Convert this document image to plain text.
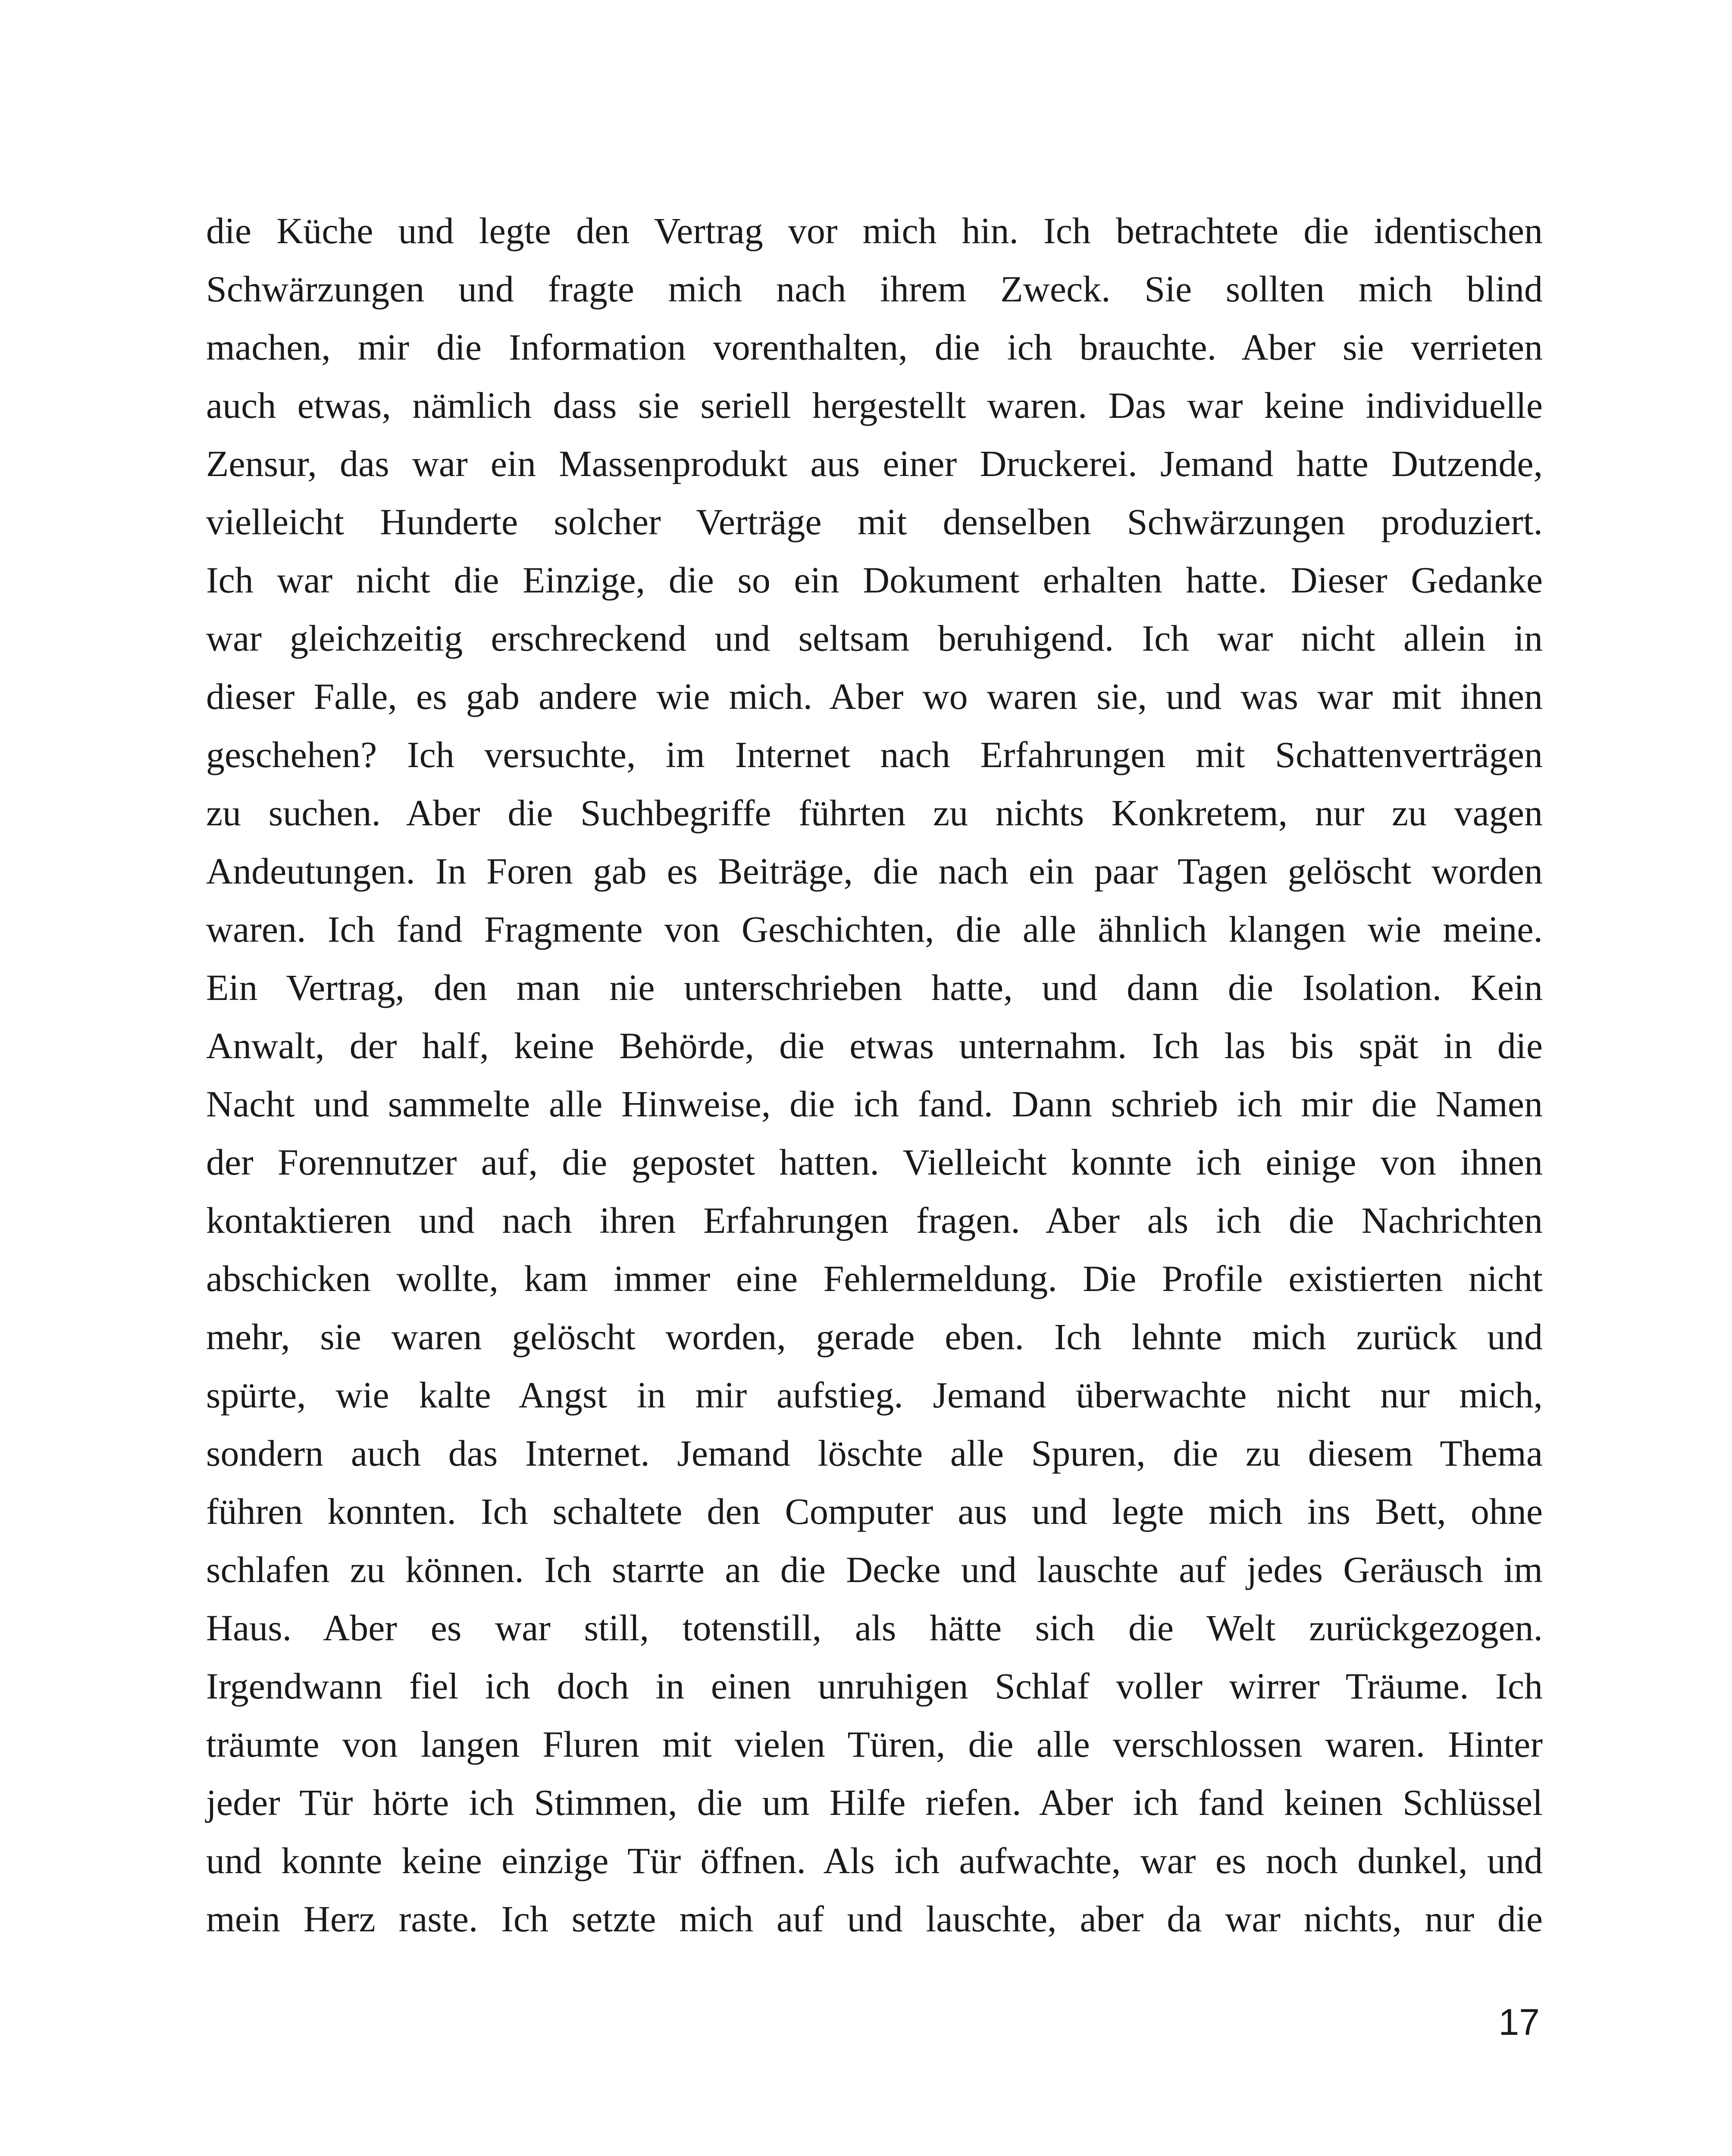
die Küche und legte den Vertrag vor mich hin. Ich betrachtete die identischen
Schwärzungen und fragte mich nach ihrem Zweck. Sie sollten mich blind
machen, mir die Information vorenthalten, die ich brauchte. Aber sie verrieten
auch etwas, nämlich dass sie seriell hergestellt waren. Das war keine individuelle
Zensur, das war ein Massenprodukt aus einer Druckerei. Jemand hatte Dutzende,
vielleicht Hunderte solcher Verträge mit denselben Schwärzungen produziert.
Ich war nicht die Einzige, die so ein Dokument erhalten hatte. Dieser Gedanke
war gleichzeitig erschreckend und seltsam beruhigend. Ich war nicht allein in
dieser Falle, es gab andere wie mich. Aber wo waren sie, und was war mit ihnen
geschehen? Ich versuchte, im Internet nach Erfahrungen mit Schattenverträgen
zu suchen. Aber die Suchbegriffe führten zu nichts Konkretem, nur zu vagen
Andeutungen. In Foren gab es Beiträge, die nach ein paar Tagen gelöscht worden
waren. Ich fand Fragmente von Geschichten, die alle ähnlich klangen wie meine.
Ein Vertrag, den man nie unterschrieben hatte, und dann die Isolation. Kein
Anwalt, der half, keine Behörde, die etwas unternahm. Ich las bis spät in die
Nacht und sammelte alle Hinweise, die ich fand. Dann schrieb ich mir die Namen
der Forennutzer auf, die gepostet hatten. Vielleicht konnte ich einige von ihnen
kontaktieren und nach ihren Erfahrungen fragen. Aber als ich die Nachrichten
abschicken wollte, kam immer eine Fehlermeldung. Die Profile existierten nicht
mehr, sie waren gelöscht worden, gerade eben. Ich lehnte mich zurück und
spürte, wie kalte Angst in mir aufstieg. Jemand überwachte nicht nur mich,
sondern auch das Internet. Jemand löschte alle Spuren, die zu diesem Thema
führen konnten. Ich schaltete den Computer aus und legte mich ins Bett, ohne
schlafen zu können. Ich starrte an die Decke und lauschte auf jedes Geräusch im
Haus. Aber es war still, totenstill, als hätte sich die Welt zurückgezogen.
Irgendwann fiel ich doch in einen unruhigen Schlaf voller wirrer Träume. Ich
träumte von langen Fluren mit vielen Türen, die alle verschlossen waren. Hinter
jeder Tür hörte ich Stimmen, die um Hilfe riefen. Aber ich fand keinen Schlüssel
und konnte keine einzige Tür öffnen. Als ich aufwachte, war es noch dunkel, und
mein Herz raste. Ich setzte mich auf und lauschte, aber da war nichts, nur die
17
